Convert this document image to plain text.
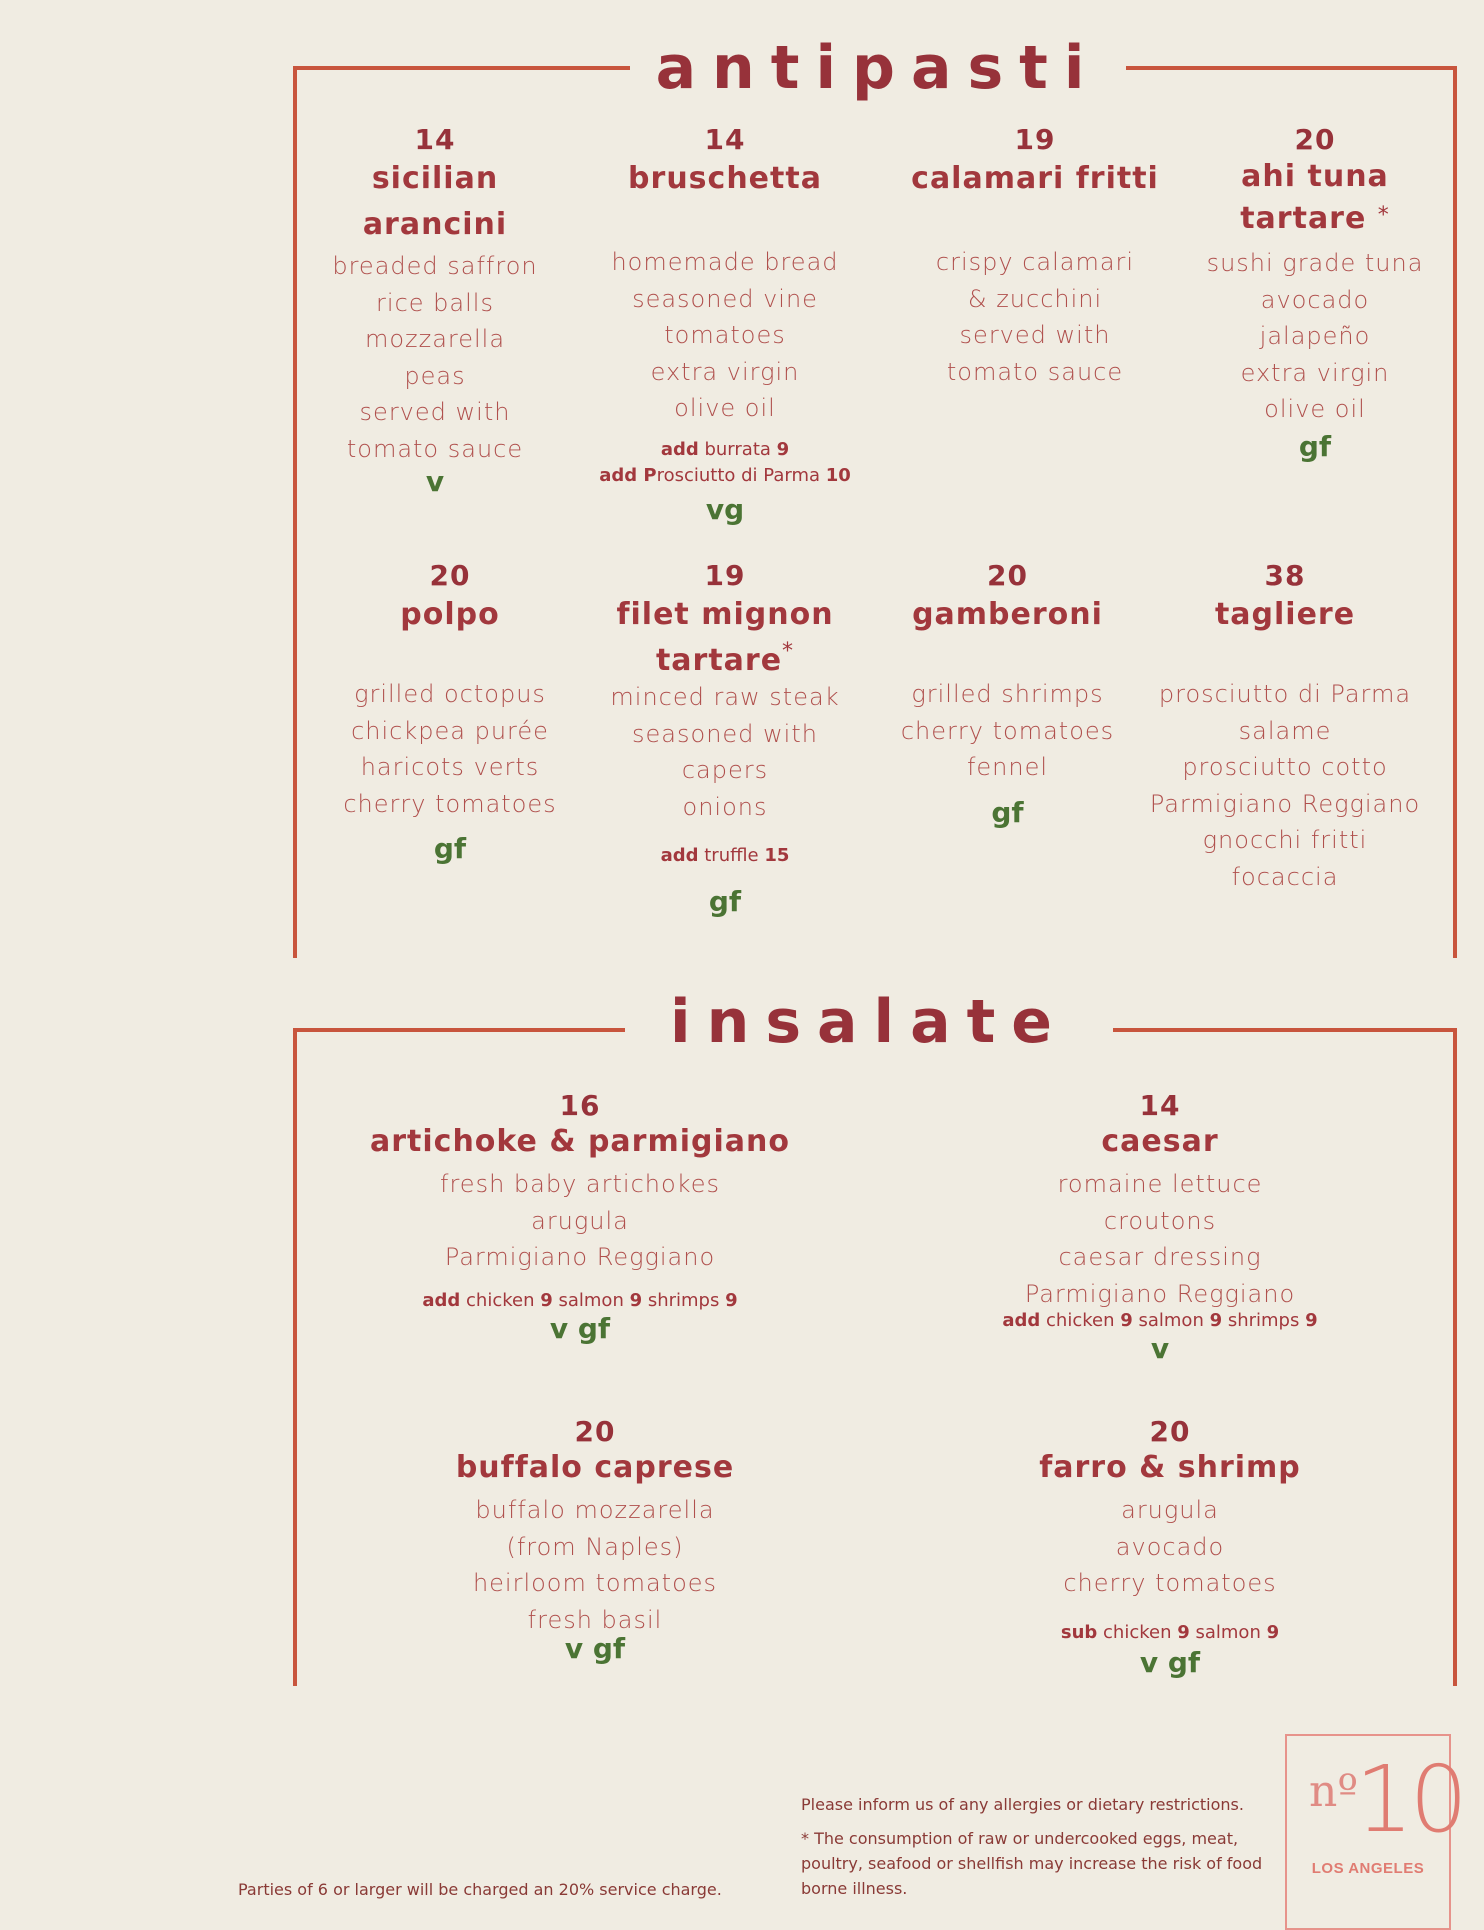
antipasti
14
sicilian arancini
breaded saffron
rice balls
mozzarella
peas
served with
tomato sauce
v
14
bruschetta
homemade bread
seasoned vine
tomatoes
extra virgin
olive oil
add burrata 9
add Prosciutto di Parma 10
vg
19
calamari fritti
crispy calamari
& zucchini
served with
tomato sauce
20
ahi tuna
tartare *
sushi grade tuna
avocado
jalapeño
extra virgin
olive oil
gf
20
polpo
grilled octopus
chickpea purée
haricots verts
cherry tomatoes
gf
19
filet mignon
tartare*
minced raw steak
seasoned with
capers
onions
add truffle 15
gf
20
gamberoni
grilled shrimps
cherry tomatoes
fennel
gf
38
tagliere
prosciutto di Parma
salame
prosciutto cotto
Parmigiano Reggiano
gnocchi fritti
focaccia
insalate
16
artichoke & parmigiano
fresh baby artichokes
arugula
Parmigiano Reggiano
add chicken 9 salmon 9 shrimps 9
v gf
14
caesar
romaine lettuce
croutons
caesar dressing
Parmigiano Reggiano
add chicken 9 salmon 9 shrimps 9
v
20
buffalo caprese
buffalo mozzarella
(from Naples)
heirloom tomatoes
fresh basil
v gf
20
farro & shrimp
arugula
avocado
cherry tomatoes
sub chicken 9 salmon 9
v gf
Parties of 6 or larger will be charged an 20% service charge.
Please inform us of any allergies or dietary restrictions.
* The consumption of raw or undercooked eggs, meat, poultry, seafood or shellfish may increase the risk of food borne illness.
nº
10
LOS ANGELES
